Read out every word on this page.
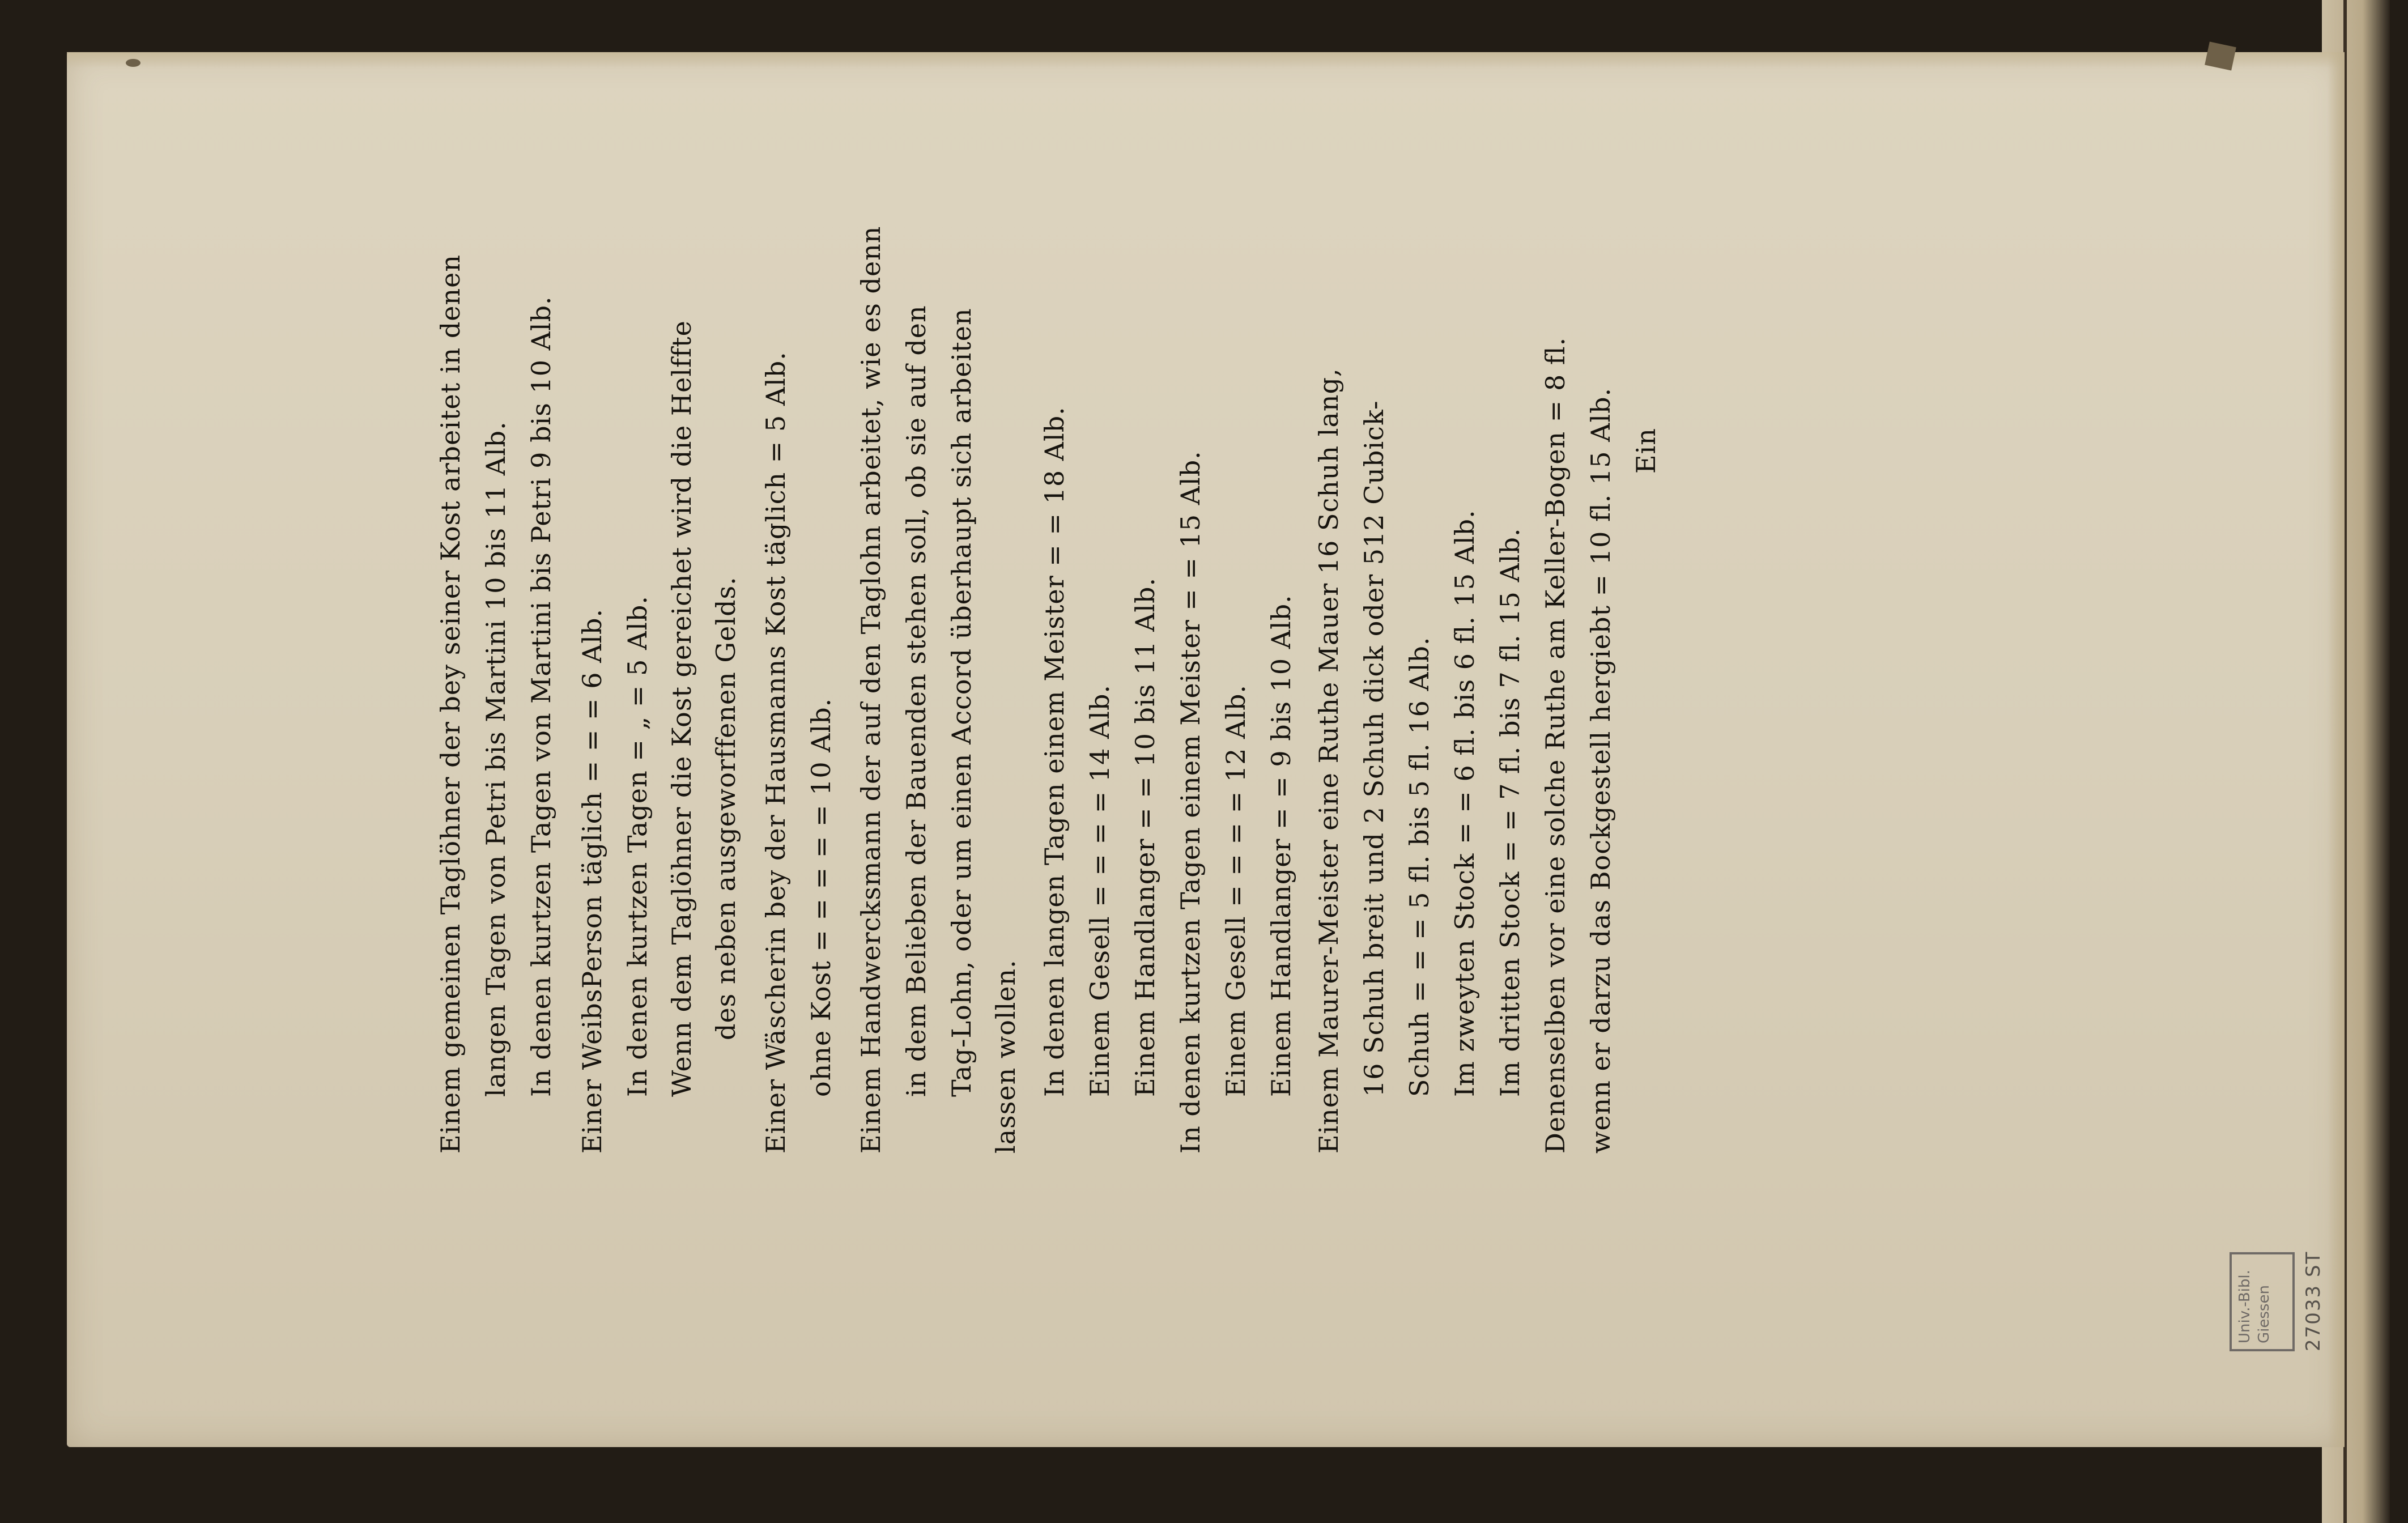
Einem gemeinen Taglöhner der bey seiner Kost arbeitet in denen langen Tagen von Petri bis Martini 10 bis 11 Alb. In denen kurtzen Tagen von Martini bis Petri 9 bis 10 Alb. Einer WeibsPerson täglich = = = 6 Alb. In denen kurtzen Tagen = „ = 5 Alb. Wenn dem Taglöhner die Kost gereichet wird die Helffte des neben ausgeworffenen Gelds. Einer Wäscherin bey der Hausmanns Kost täglich = 5 Alb. ohne Kost = = = = = 10 Alb. Einem Handwercksmann der auf den Taglohn arbeitet, wie es denn in dem Belieben der Bauenden stehen soll, ob sie auf den Tag-Lohn, oder um einen Accord überhaupt sich arbeiten lassen wollen. In denen langen Tagen einem Meister = = 18 Alb. Einem Gesell = = = = 14 Alb. Einem Handlanger = = 10 bis 11 Alb. In denen kurtzen Tagen einem Meister = = 15 Alb. Einem Gesell = = = = 12 Alb. Einem Handlanger = = 9 bis 10 Alb. Einem Maurer-Meister eine Ruthe Mauer 16 Schuh lang, 16 Schuh breit und 2 Schuh dick oder 512 Cubick- Schuh = = = 5 fl. bis 5 fl. 16 Alb. Im zweyten Stock = = 6 fl. bis 6 fl. 15 Alb. Im dritten Stock = = 7 fl. bis 7 fl. 15 Alb. Denenselben vor eine solche Ruthe am Keller-Bogen = 8 fl. wenn er darzu das Bockgestell hergiebt = 10 fl. 15 Alb. Ein
Univ.-Bibl. Giessen 27033 ST
